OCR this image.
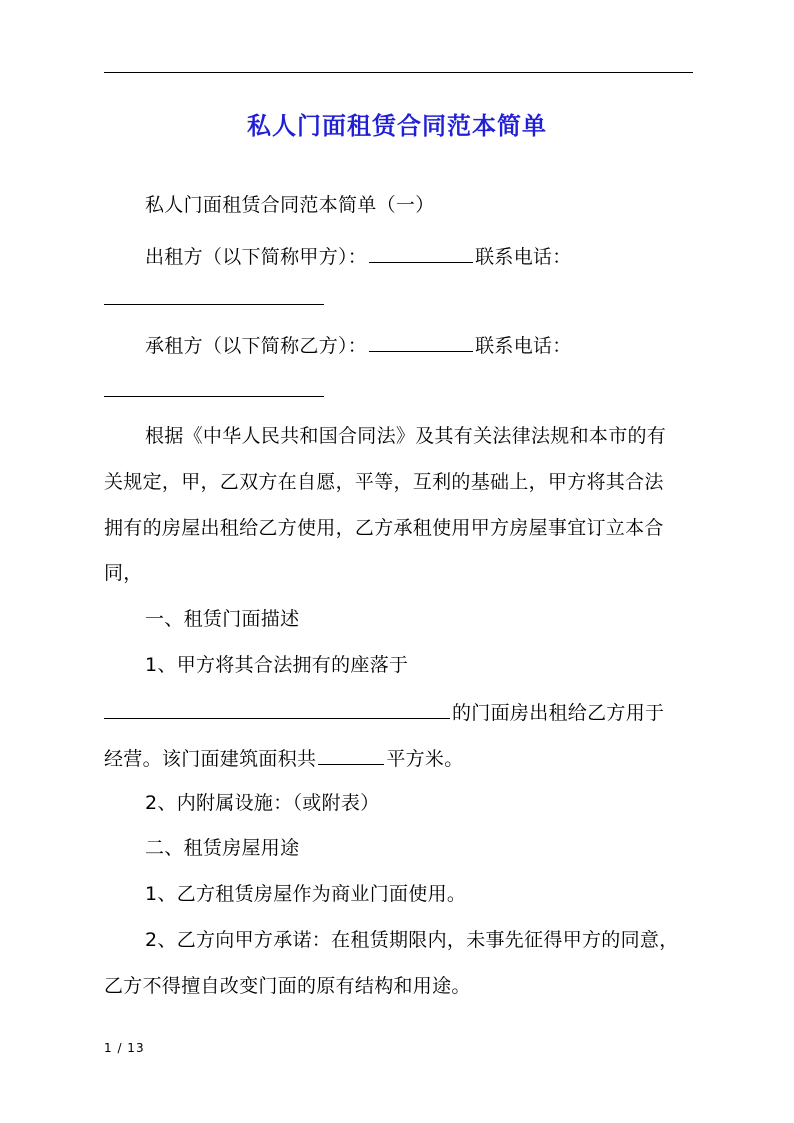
私人门面租赁合同范本简单
私人门面租赁合同范本简单（一）
出租方（以下简称甲方）：	联系电话：
承租方（以下简称乙方）：	联系电话：
根据《中华人民共和国合同法》及其有关法律法规和本市的有
关规定，甲，乙双方在自愿，平等，互利的基础上，甲方将其合法
拥有的房屋出租给乙方使用，乙方承租使用甲方房屋事宜订立本合
同，
一、租赁门面描述
1、甲方将其合法拥有的座落于
的门面房出租给乙方用于
经营。该门面建筑面积共	平方米。
2、内附属设施：（或附表）
二、租赁房屋用途
1、乙方租赁房屋作为商业门面使用。
2、乙方向甲方承诺：在租赁期限内，未事先征得甲方的同意，
乙方不得擅自改变门面的原有结构和用途。
1 / 13
